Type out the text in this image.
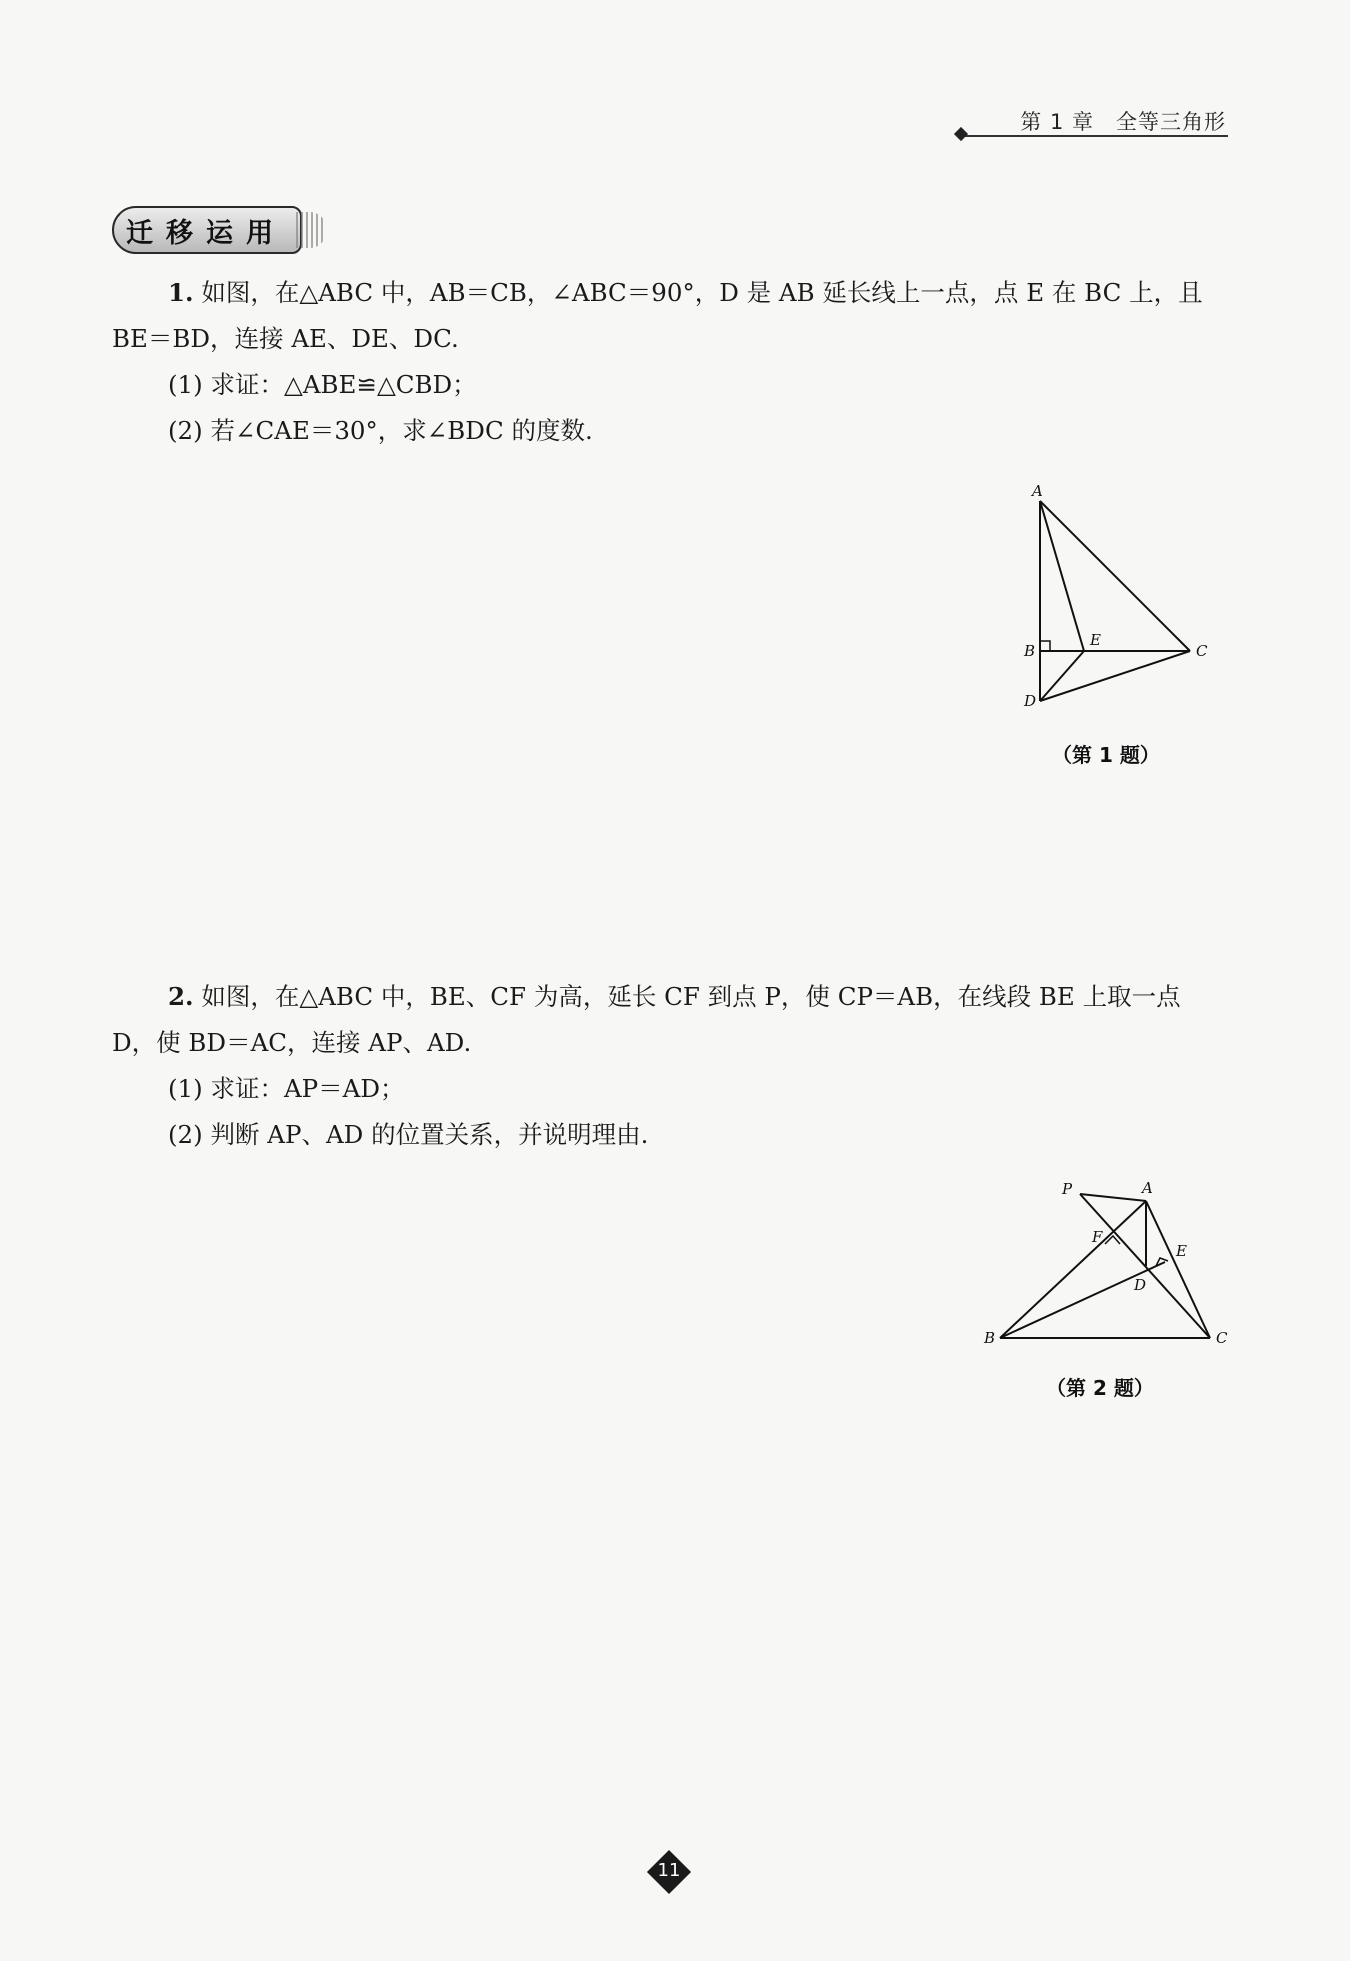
第 1 章　全等三角形
迁移运用

1. 如图，在△ABC 中，AB＝CB，∠ABC＝90°，D 是 AB 延长线上一点，点 E 在 BC 上，且

BE＝BD，连接 AE、DE、DC.

(1) 求证：△ABE≌△CBD；

(2) 若∠CAE＝30°，求∠BDC 的度数.

A
B	C
D
E
（第 1 题）

2. 如图，在△ABC 中，BE、CF 为高，延长 CF 到点 P，使 CP＝AB，在线段 BE 上取一点

D，使 BD＝AC，连接 AP、AD.

(1) 求证：AP＝AD；

(2) 判断 AP、AD 的位置关系，并说明理由.

P	A
F
E
D
B	C
（第 2 题）
11
